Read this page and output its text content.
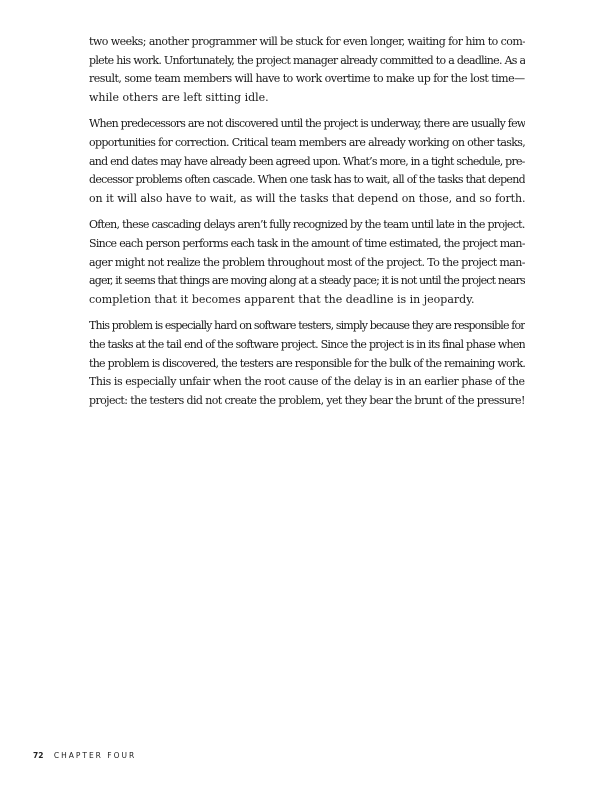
two weeks; another programmer will be stuck for even longer, waiting for him to com-
plete his work. Unfortunately, the project manager already committed to a deadline. As a
result, some team members will have to work overtime to make up for the lost time—
while others are left sitting idle.
When predecessors are not discovered until the project is underway, there are usually few
opportunities for correction. Critical team members are already working on other tasks,
and end dates may have already been agreed upon. What’s more, in a tight schedule, pre-
decessor problems often cascade. When one task has to wait, all of the tasks that depend
on it will also have to wait, as will the tasks that depend on those, and so forth.
Often, these cascading delays aren’t fully recognized by the team until late in the project.
Since each person performs each task in the amount of time estimated, the project man-
ager might not realize the problem throughout most of the project. To the project man-
ager, it seems that things are moving along at a steady pace; it is not until the project nears
completion that it becomes apparent that the deadline is in jeopardy.
This problem is especially hard on software testers, simply because they are responsible for
the tasks at the tail end of the software project. Since the project is in its final phase when
the problem is discovered, the testers are responsible for the bulk of the remaining work.
This is especially unfair when the root cause of the delay is in an earlier phase of the
project: the testers did not create the problem, yet they bear the brunt of the pressure!
72 CHAPTER FOUR
